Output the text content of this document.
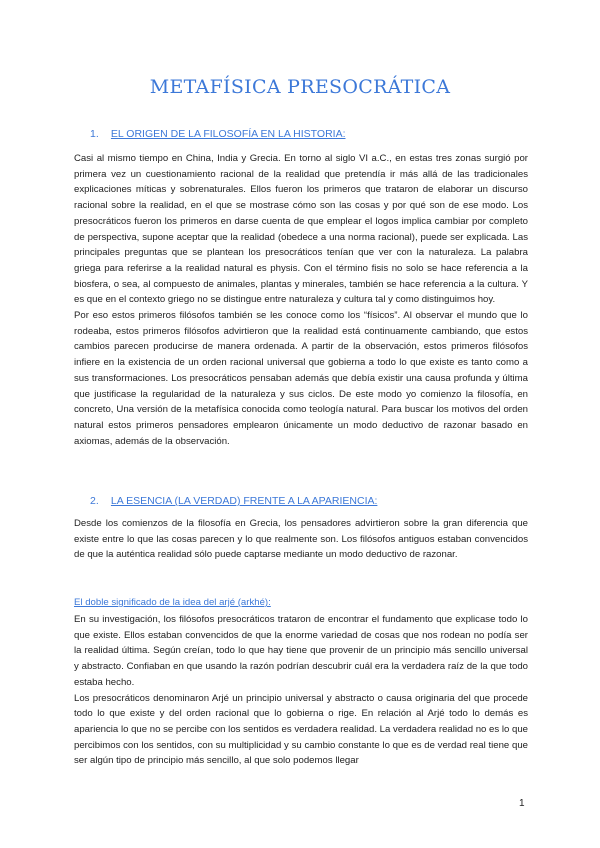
METAFÍSICA PRESOCRÁTICA
1. EL ORIGEN DE LA FILOSOFÍA EN LA HISTORIA:

Casi al mismo tiempo en China, India y Grecia. En torno al siglo VI a.C., en estas tres zonas surgió por primera vez un cuestionamiento racional de la realidad que pretendía ir más allá de las tradicionales explicaciones míticas y sobrenaturales. Ellos fueron los primeros que trataron de elaborar un discurso racional sobre la realidad, en el que se mostrase cómo son las cosas y por qué son de ese modo. Los presocráticos fueron los primeros en darse cuenta de que emplear el logos implica cambiar por completo de perspectiva, supone aceptar que la realidad (obedece a una norma racional), puede ser explicada. Las principales preguntas que se plantean los presocráticos tenían que ver con la naturaleza. La palabra griega para referirse a la realidad natural es physis. Con el término fisis no solo se hace referencia a la biosfera, o sea, al compuesto de animales, plantas y minerales, también se hace referencia a la cultura. Y es que en el contexto griego no se distingue entre naturaleza y cultura tal y como distinguimos hoy.

Por eso estos primeros filósofos también se les conoce como los “físicos”. Al observar el mundo que lo rodeaba, estos primeros filósofos advirtieron que la realidad está continuamente cambiando, que estos cambios parecen producirse de manera ordenada. A partir de la observación, estos primeros filósofos infiere en la existencia de un orden racional universal que gobierna a todo lo que existe es tanto como a sus transformaciones. Los presocráticos pensaban además que debía existir una causa profunda y última que justificase la regularidad de la naturaleza y sus ciclos. De este modo yo comienzo la filosofía, en concreto, Una versión de la metafísica conocida como teología natural. Para buscar los motivos del orden natural estos primeros pensadores emplearon únicamente un modo deductivo de razonar basado en axiomas, además de la observación.

2. LA ESENCIA (LA VERDAD) FRENTE A LA APARIENCIA:

Desde los comienzos de la filosofía en Grecia, los pensadores advirtieron sobre la gran diferencia que existe entre lo que las cosas parecen y lo que realmente son. Los filósofos antiguos estaban convencidos de que la auténtica realidad sólo puede captarse mediante un modo deductivo de razonar.

El doble significado de la idea del arjé (arkhé):

En su investigación, los filósofos presocráticos trataron de encontrar el fundamento que explicase todo lo que existe. Ellos estaban convencidos de que la enorme variedad de cosas que nos rodean no podía ser la realidad última. Según creían, todo lo que hay tiene que provenir de un principio más sencillo universal y abstracto. Confiaban en que usando la razón podrían descubrir cuál era la verdadera raíz de la que todo estaba hecho.

Los presocráticos denominaron Arjé un principio universal y abstracto o causa originaria del que procede todo lo que existe y del orden racional que lo gobierna o rige. En relación al Arjé todo lo demás es apariencia lo que no se percibe con los sentidos es verdadera realidad. La verdadera realidad no es lo que percibimos con los sentidos, con su multiplicidad y su cambio constante lo que es de verdad real tiene que ser algún tipo de principio más sencillo, al que solo podemos llegar

1
